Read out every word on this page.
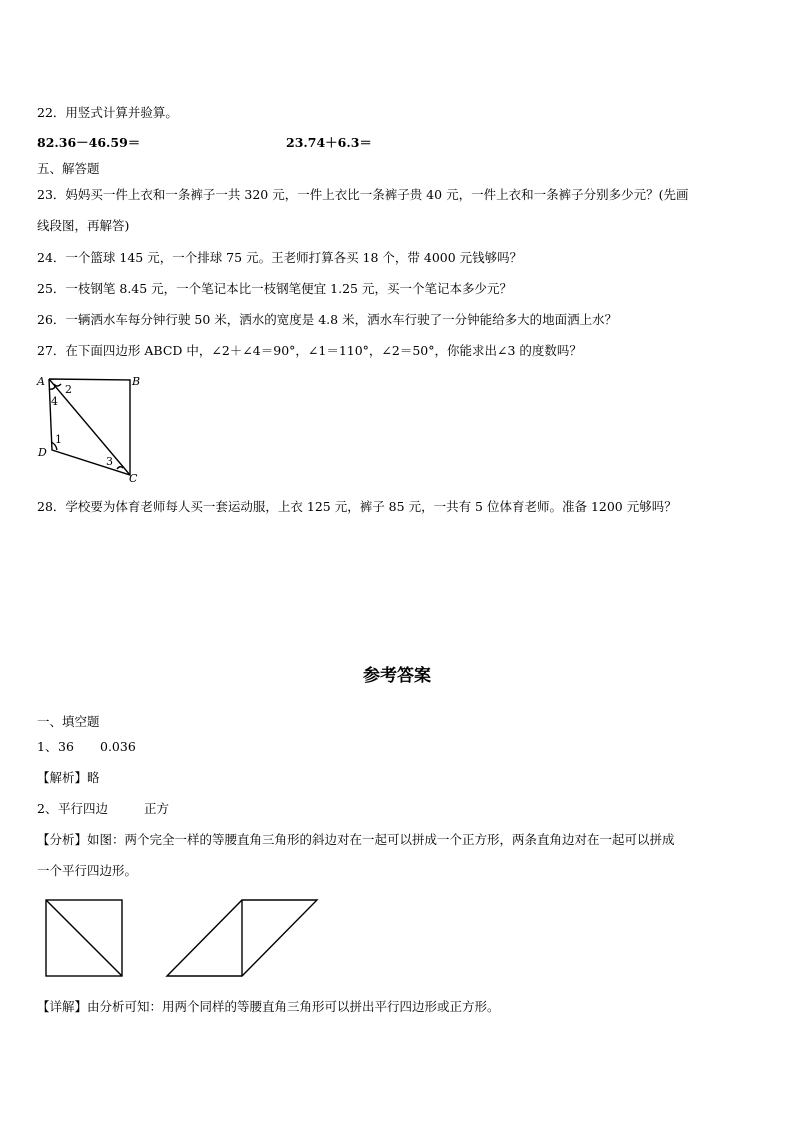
22．用竖式计算并验算。
82.36－46.59＝	23.74＋6.3＝
五、解答题
23．妈妈买一件上衣和一条裤子一共 320 元，一件上衣比一条裤子贵 40 元，一件上衣和一条裤子分别多少元？(先画
线段图，再解答)
24．一个篮球 145 元，一个排球 75 元。王老师打算各买 18 个，带 4000 元钱够吗？
25．一枝钢笔 8.45 元，一个笔记本比一枝钢笔便宜 1.25 元，买一个笔记本多少元？
26．一辆洒水车每分钟行驶 50 米，洒水的宽度是 4.8 米，洒水车行驶了一分钟能给多大的地面洒上水？
27．在下面四边形 ABCD 中，∠2＋∠4＝90°，∠1＝110°，∠2＝50°，你能求出∠3 的度数吗？
A	B
C
D
1
2
3
4
28．学校要为体育老师每人买一套运动服，上衣 125 元，裤子 85 元，一共有 5 位体育老师。准备 1200 元够吗？
参考答案
一、填空题
1、 36 0.036
【解析】略
2、 平行四边	正方
【分析】如图：两个完全一样的等腰直角三角形的斜边对在一起可以拼成一个正方形，两条直角边对在一起可以拼成
一个平行四边形。
【详解】由分析可知：用两个同样的等腰直角三角形可以拼出平行四边形或正方形。
